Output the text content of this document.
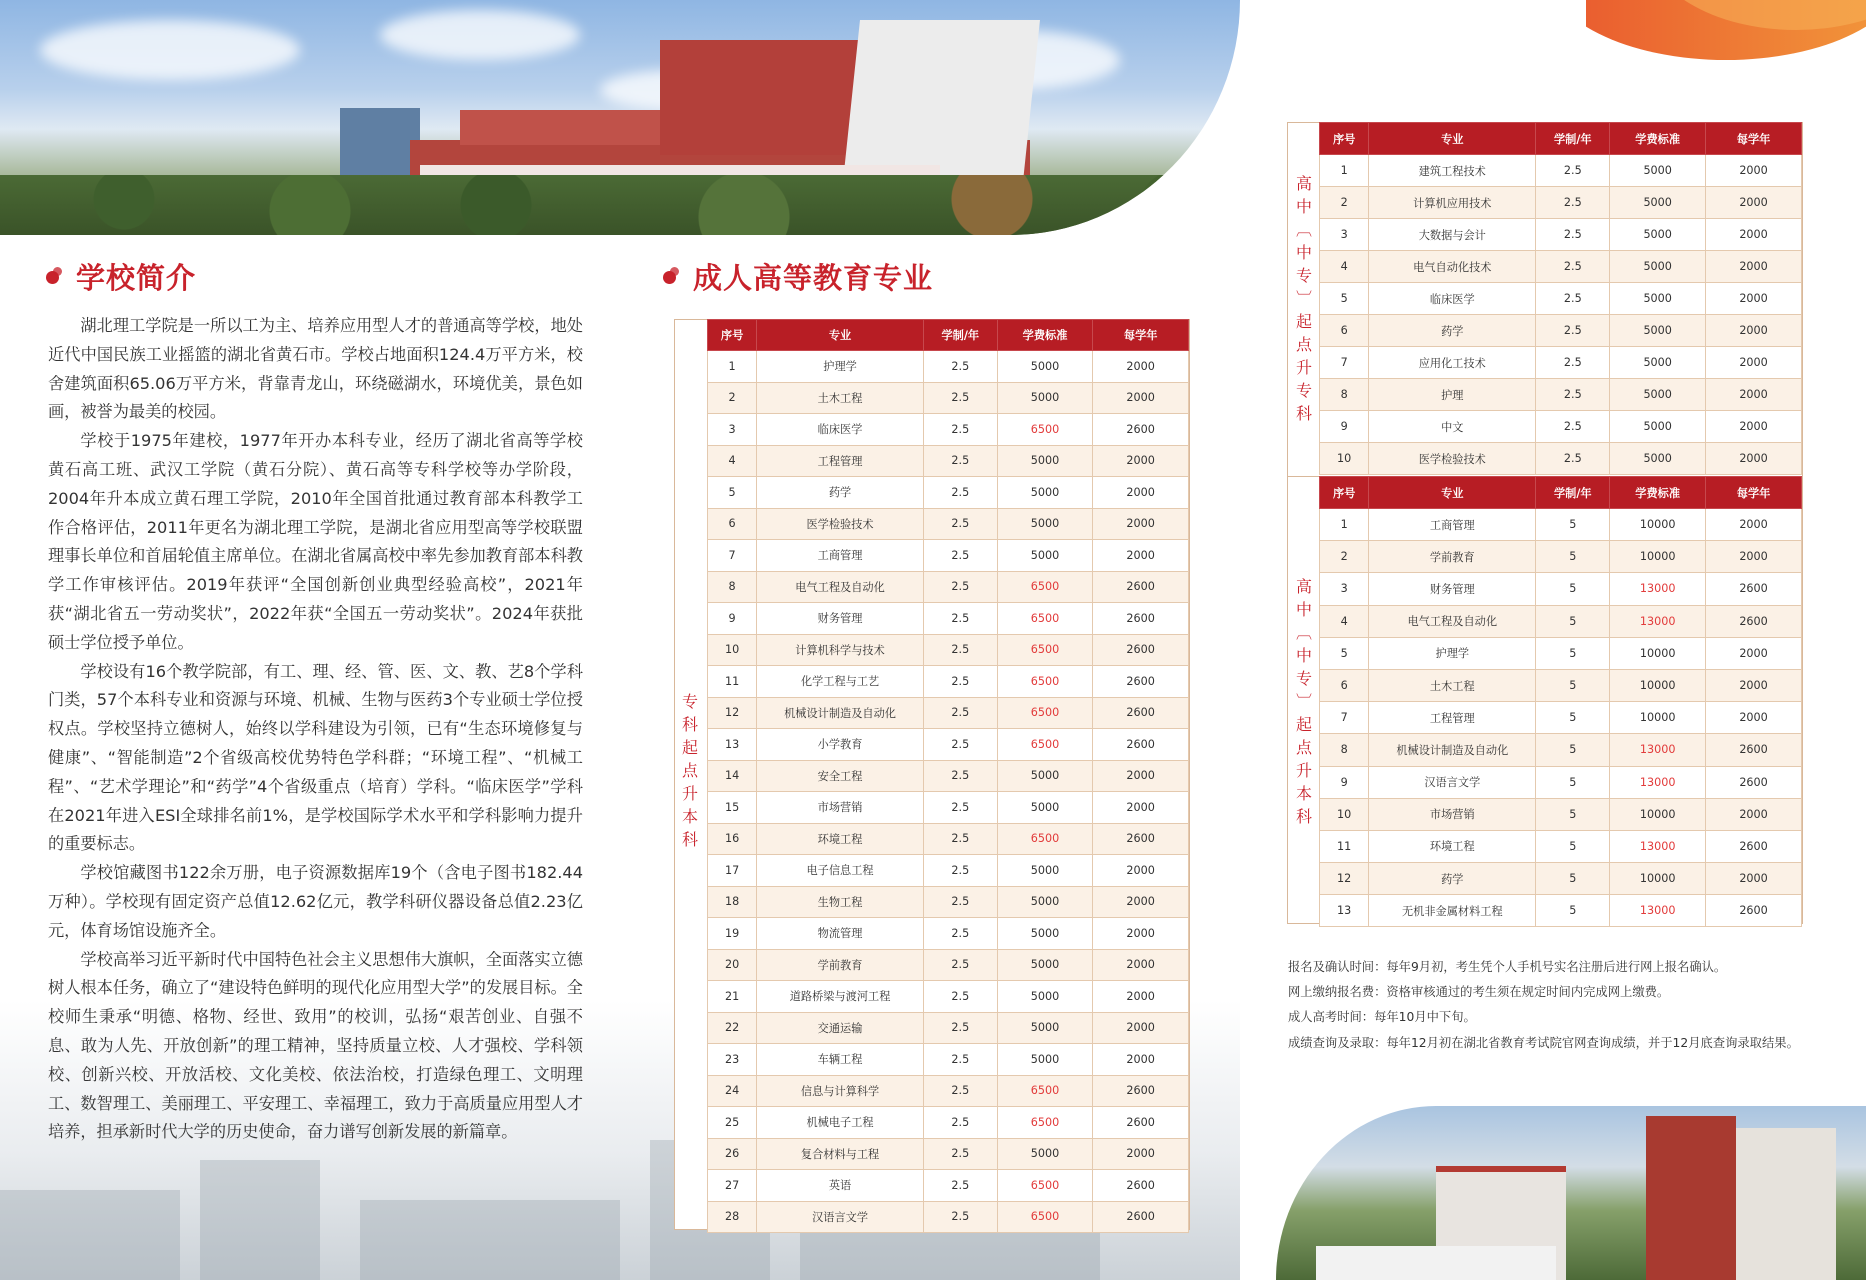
学校简介

湖北理工学院是一所以工为主、培养应用型人才的普通高等学校，地处近代中国民族工业摇篮的湖北省黄石市。学校占地面积124.4万平方米，校舍建筑面积65.06万平方米，背靠青龙山，环绕磁湖水，环境优美，景色如画，被誉为最美的校园。

学校于1975年建校，1977年开办本科专业，经历了湖北省高等学校黄石高工班、武汉工学院（黄石分院）、黄石高等专科学校等办学阶段，2004年升本成立黄石理工学院，2010年全国首批通过教育部本科教学工作合格评估，2011年更名为湖北理工学院，是湖北省应用型高等学校联盟理事长单位和首届轮值主席单位。在湖北省属高校中率先参加教育部本科教学工作审核评估。2019年获评“全国创新创业典型经验高校”，2021年获“湖北省五一劳动奖状”，2022年获“全国五一劳动奖状”。2024年获批硕士学位授予单位。

学校设有16个教学院部，有工、理、经、管、医、文、教、艺8个学科门类，57个本科专业和资源与环境、机械、生物与医药3个专业硕士学位授权点。学校坚持立德树人，始终以学科建设为引领，已有“生态环境修复与健康”、“智能制造”2个省级高校优势特色学科群；“环境工程”、“机械工程”、“艺术学理论”和“药学”4个省级重点（培育）学科。“临床医学”学科在2021年进入ESI全球排名前1%，是学校国际学术水平和学科影响力提升的重要标志。

学校馆藏图书122余万册，电子资源数据库19个（含电子图书182.44万种）。学校现有固定资产总值12.62亿元，教学科研仪器设备总值2.23亿元，体育场馆设施齐全。

学校高举习近平新时代中国特色社会主义思想伟大旗帜，全面落实立德树人根本任务，确立了“建设特色鲜明的现代化应用型大学”的发展目标。全校师生秉承“明德、格物、经世、致用”的校训，弘扬“艰苦创业、自强不息、敢为人先、开放创新”的理工精神，坚持质量立校、人才强校、学科领校、创新兴校、开放活校、文化美校、依法治校，打造绿色理工、文明理工、数智理工、美丽理工、平安理工、幸福理工，致力于高质量应用型人才培养，担承新时代大学的历史使命，奋力谱写创新发展的新篇章。

成人高等教育专业
专
科
起
点
升
本
科
序号	专业	学制/年	学费标准	每学年
1	护理学	2.5	5000	2000
2	土木工程	2.5	5000	2000
3	临床医学	2.5	6500	2600
4	工程管理	2.5	5000	2000
5	药学	2.5	5000	2000
6	医学检验技术	2.5	5000	2000
7	工商管理	2.5	5000	2000
8	电气工程及自动化	2.5	6500	2600
9	财务管理	2.5	6500	2600
10	计算机科学与技术	2.5	6500	2600
11	化学工程与工艺	2.5	6500	2600
12	机械设计制造及自动化	2.5	6500	2600
13	小学教育	2.5	6500	2600
14	安全工程	2.5	5000	2000
15	市场营销	2.5	5000	2000
16	环境工程	2.5	6500	2600
17	电子信息工程	2.5	5000	2000
18	生物工程	2.5	5000	2000
19	物流管理	2.5	5000	2000
20	学前教育	2.5	5000	2000
21	道路桥梁与渡河工程	2.5	5000	2000
22	交通运输	2.5	5000	2000
23	车辆工程	2.5	5000	2000
24	信息与计算科学	2.5	6500	2600
25	机械电子工程	2.5	6500	2600
26	复合材料与工程	2.5	5000	2000
27	英语	2.5	6500	2600
28	汉语言文学	2.5	6500	2600
高
中
︹
中
专
︺
起
点
升
专
科
序号	专业	学制/年	学费标准	每学年
1	建筑工程技术	2.5	5000	2000
2	计算机应用技术	2.5	5000	2000
3	大数据与会计	2.5	5000	2000
4	电气自动化技术	2.5	5000	2000
5	临床医学	2.5	5000	2000
6	药学	2.5	5000	2000
7	应用化工技术	2.5	5000	2000
8	护理	2.5	5000	2000
9	中文	2.5	5000	2000
10	医学检验技术	2.5	5000	2000
高
中
︹
中
专
︺
起
点
升
本
科
序号	专业	学制/年	学费标准	每学年
1	工商管理	5	10000	2000
2	学前教育	5	10000	2000
3	财务管理	5	13000	2600
4	电气工程及自动化	5	13000	2600
5	护理学	5	10000	2000
6	土木工程	5	10000	2000
7	工程管理	5	10000	2000
8	机械设计制造及自动化	5	13000	2600
9	汉语言文学	5	13000	2600
10	市场营销	5	10000	2000
11	环境工程	5	13000	2600
12	药学	5	10000	2000
13	无机非金属材料工程	5	13000	2600
报名及确认时间：每年9月初，考生凭个人手机号实名注册后进行网上报名确认。
网上缴纳报名费：资格审核通过的考生须在规定时间内完成网上缴费。
成人高考时间：每年10月中下旬。
成绩查询及录取：每年12月初在湖北省教育考试院官网查询成绩，并于12月底查询录取结果。
